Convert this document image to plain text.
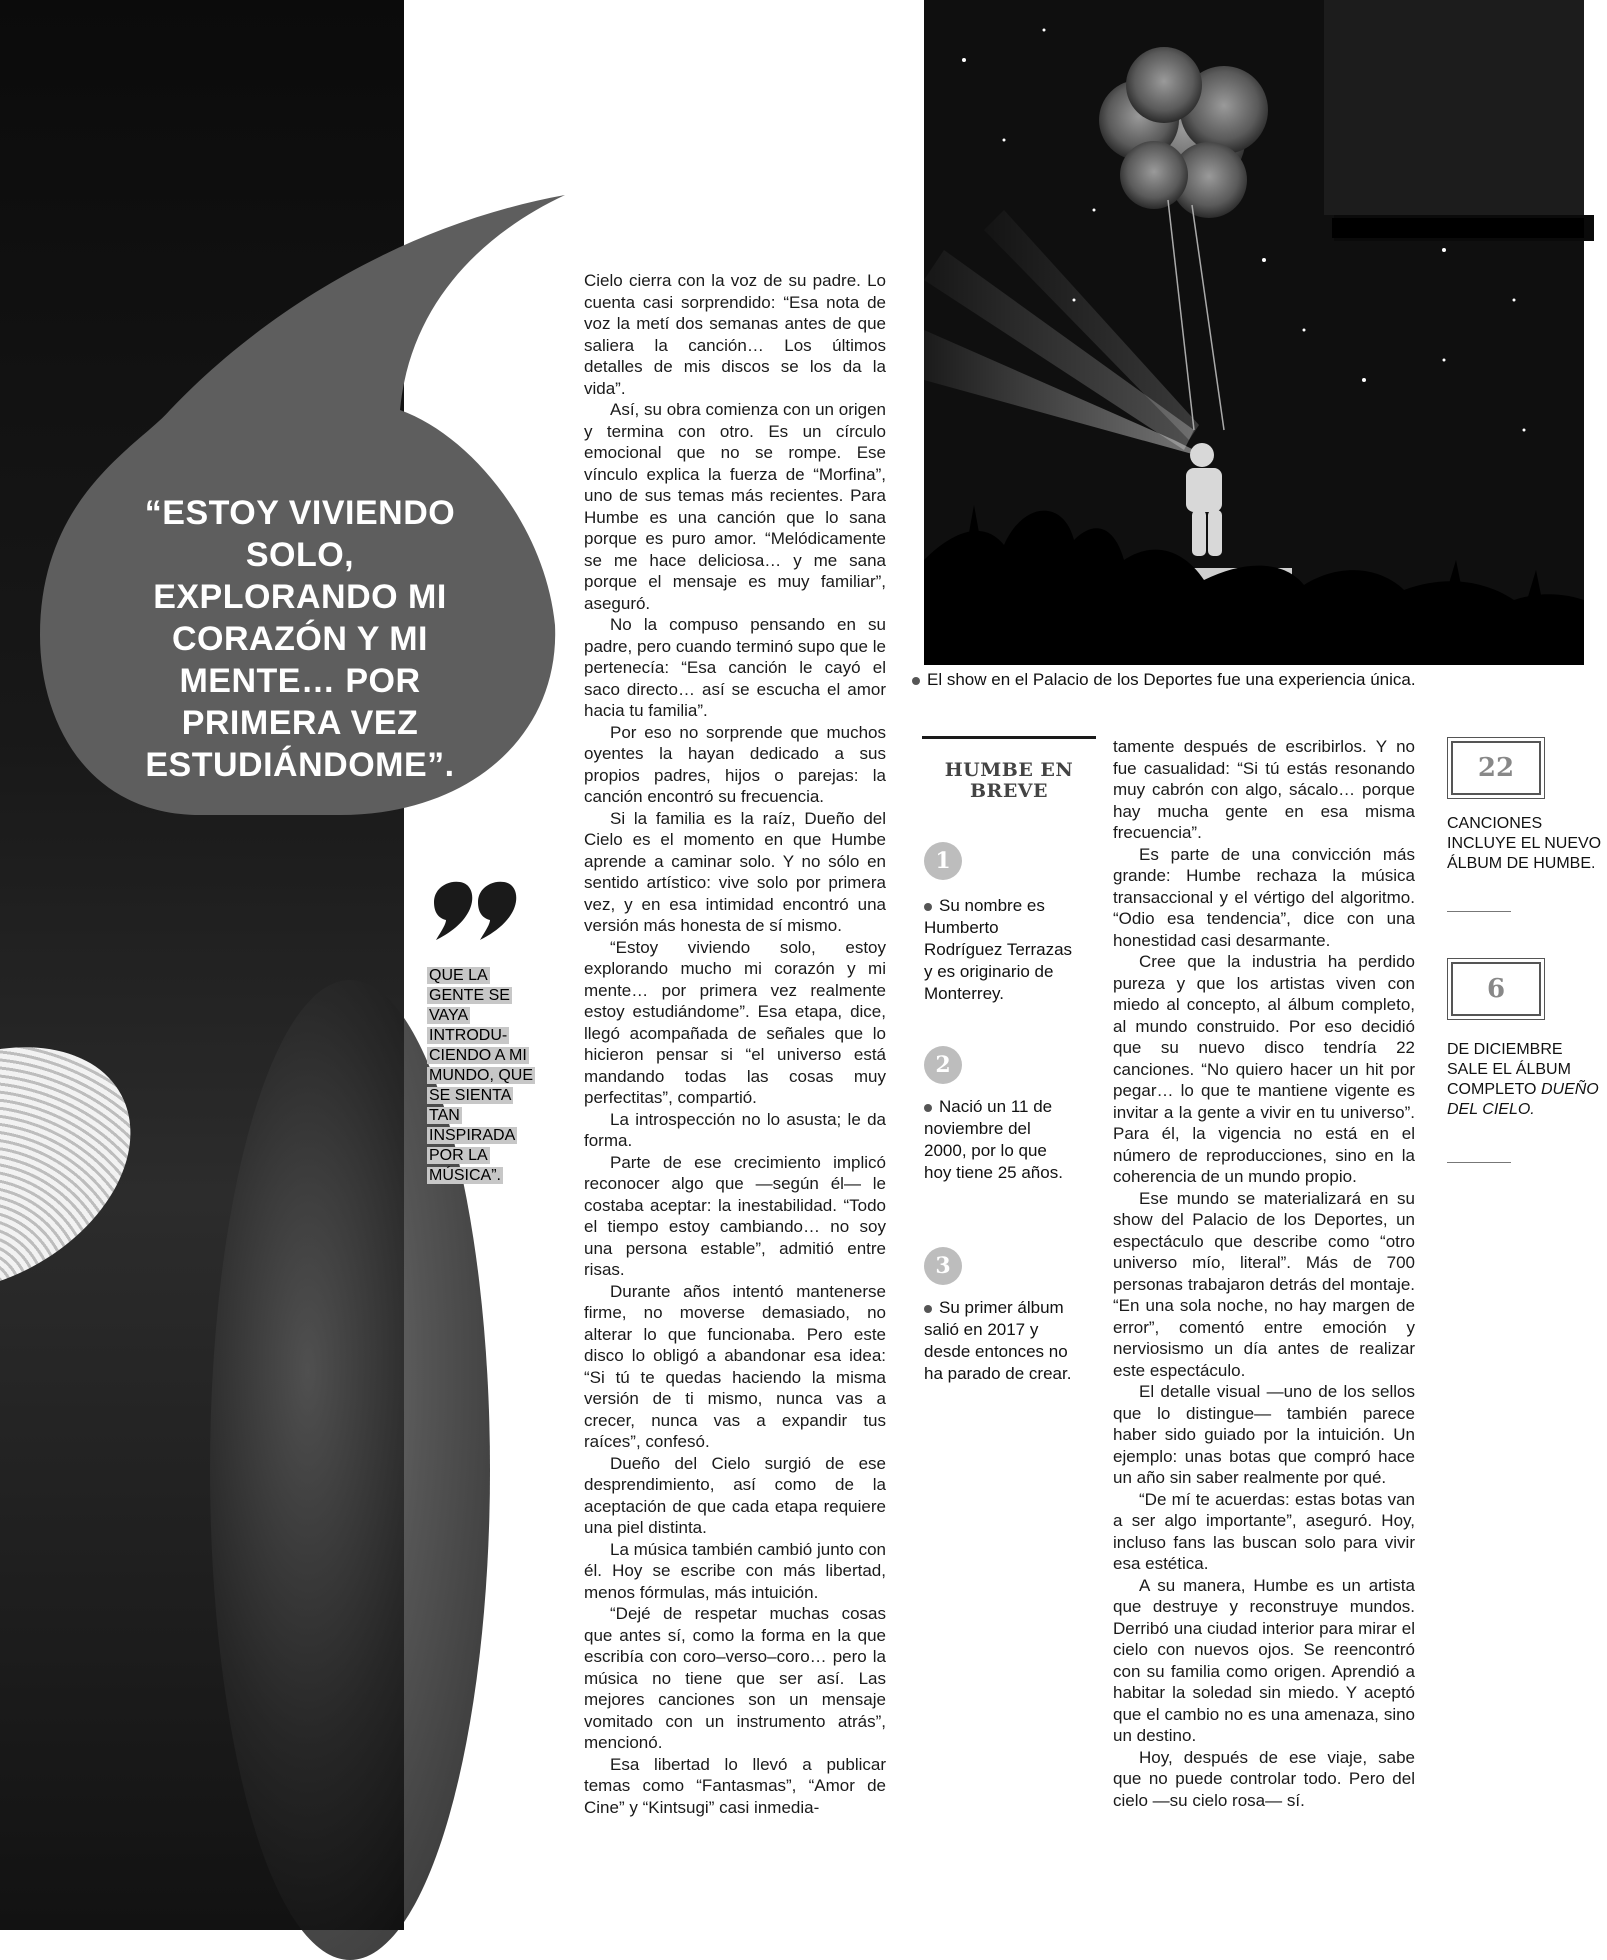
“ESTOY VIVIENDO SOLO, EXPLORANDO MI CORAZÓN Y MI MENTE… POR PRIMERA VEZ ESTUDIÁNDOME”.
QUE LA GENTE SE VAYA INTRODU-CIENDO A MI MUNDO, QUE SE SIENTA TAN INSPIRADA POR LA MÚSICA”.

Cielo cierra con la voz de su padre. Lo cuenta casi sorprendido: “Esa nota de voz la metí dos semanas antes de que saliera la canción… Los últimos detalles de mis discos se los da la vida”.

Así, su obra comienza con un origen y termina con otro. Es un círculo emocional que no se rompe. Ese vínculo explica la fuerza de “Morfina”, uno de sus temas más recientes. Para Humbe es una canción que lo sana porque es puro amor. “Melódicamente se me hace deliciosa… y me sana porque el mensaje es muy familiar”, aseguró.

No la compuso pensando en su padre, pero cuando terminó supo que le pertenecía: “Esa canción le cayó el saco directo… así se escucha el amor hacia tu familia”.

Por eso no sorprende que muchos oyentes la hayan dedicado a sus propios padres, hijos o parejas: la canción encontró su frecuencia.

Si la familia es la raíz, Dueño del Cielo es el momento en que Humbe aprende a caminar solo. Y no sólo en sentido artístico: vive solo por primera vez, y en esa intimidad encontró una versión más honesta de sí mismo.

“Estoy viviendo solo, estoy explorando mucho mi corazón y mi mente… por primera vez realmente estoy estudiándome”. Esa etapa, dice, llegó acompañada de señales que lo hicieron pensar si “el universo está mandando todas las cosas muy perfectitas”, compartió.

La introspección no lo asusta; le da forma.

Parte de ese crecimiento implicó reconocer algo que —según él— le costaba aceptar: la inestabilidad. “Todo el tiempo estoy cambiando… no soy una persona estable”, admitió entre risas.

Durante años intentó mantenerse firme, no moverse demasiado, no alterar lo que funcionaba. Pero este disco lo obligó a abandonar esa idea: “Si tú te quedas haciendo la misma versión de ti mismo, nunca vas a crecer, nunca vas a expandir tus raíces”, confesó.

Dueño del Cielo surgió de ese desprendimiento, así como de la aceptación de que cada etapa requiere una piel distinta.

La música también cambió junto con él. Hoy se escribe con más libertad, menos fórmulas, más intuición.

“Dejé de respetar muchas cosas que antes sí, como la forma en la que escribía con coro–verso–coro… pero la música no tiene que ser así. Las mejores canciones son un mensaje vomitado con un instrumento atrás”, mencionó.

Esa libertad lo llevó a publicar temas como “Fantasmas”, “Amor de Cine” y “Kintsugi” casi inmedia-

El show en el Palacio de los Deportes fue una experiencia única.
HUMBE EN
BREVE
1
Su nombre es Humberto Rodríguez Terrazas y es originario de Monterrey.
2
Nació un 11 de noviembre del 2000, por lo que hoy tiene 25 años.
3
Su primer álbum salió en 2017 y desde entonces no ha parado de crear.

tamente después de escribirlos. Y no fue casualidad: “Si tú estás resonando muy cabrón con algo, sácalo… porque hay mucha gente en esa misma frecuencia”.

Es parte de una convicción más grande: Humbe rechaza la música transaccional y el vértigo del algoritmo. “Odio esa tendencia”, dice con una honestidad casi desarmante.

Cree que la industria ha perdido pureza y que los artistas viven con miedo al concepto, al álbum completo, al mundo construido. Por eso decidió que su nuevo disco tendría 22 canciones. “No quiero hacer un hit por pegar… lo que te mantiene vigente es invitar a la gente a vivir en tu universo”. Para él, la vigencia no está en el número de reproducciones, sino en la coherencia de un mundo propio.

Ese mundo se materializará en su show del Palacio de los Deportes, un espectáculo que describe como “otro universo mío, literal”. Más de 700 personas trabajaron detrás del montaje. “En una sola noche, no hay margen de error”, comentó entre emoción y nerviosismo un día antes de realizar este espectáculo.

El detalle visual —uno de los sellos que lo distingue— también parece haber sido guiado por la intuición. Un ejemplo: unas botas que compró hace un año sin saber realmente por qué.

“De mí te acuerdas: estas botas van a ser algo importante”, aseguró. Hoy, incluso fans las buscan solo para vivir esa estética.

A su manera, Humbe es un artista que destruye y reconstruye mundos. Derribó una ciudad interior para mirar el cielo con nuevos ojos. Se reencontró con su familia como origen. Aprendió a habitar la soledad sin miedo. Y aceptó que el cambio no es una amenaza, sino un destino.

Hoy, después de ese viaje, sabe que no puede controlar todo. Pero del cielo —su cielo rosa— sí.

22
CANCIONES INCLUYE EL NUEVO ÁLBUM DE HUMBE.
6
DE DICIEMBRE SALE EL ÁLBUM COMPLETO DUEÑO DEL CIELO.
